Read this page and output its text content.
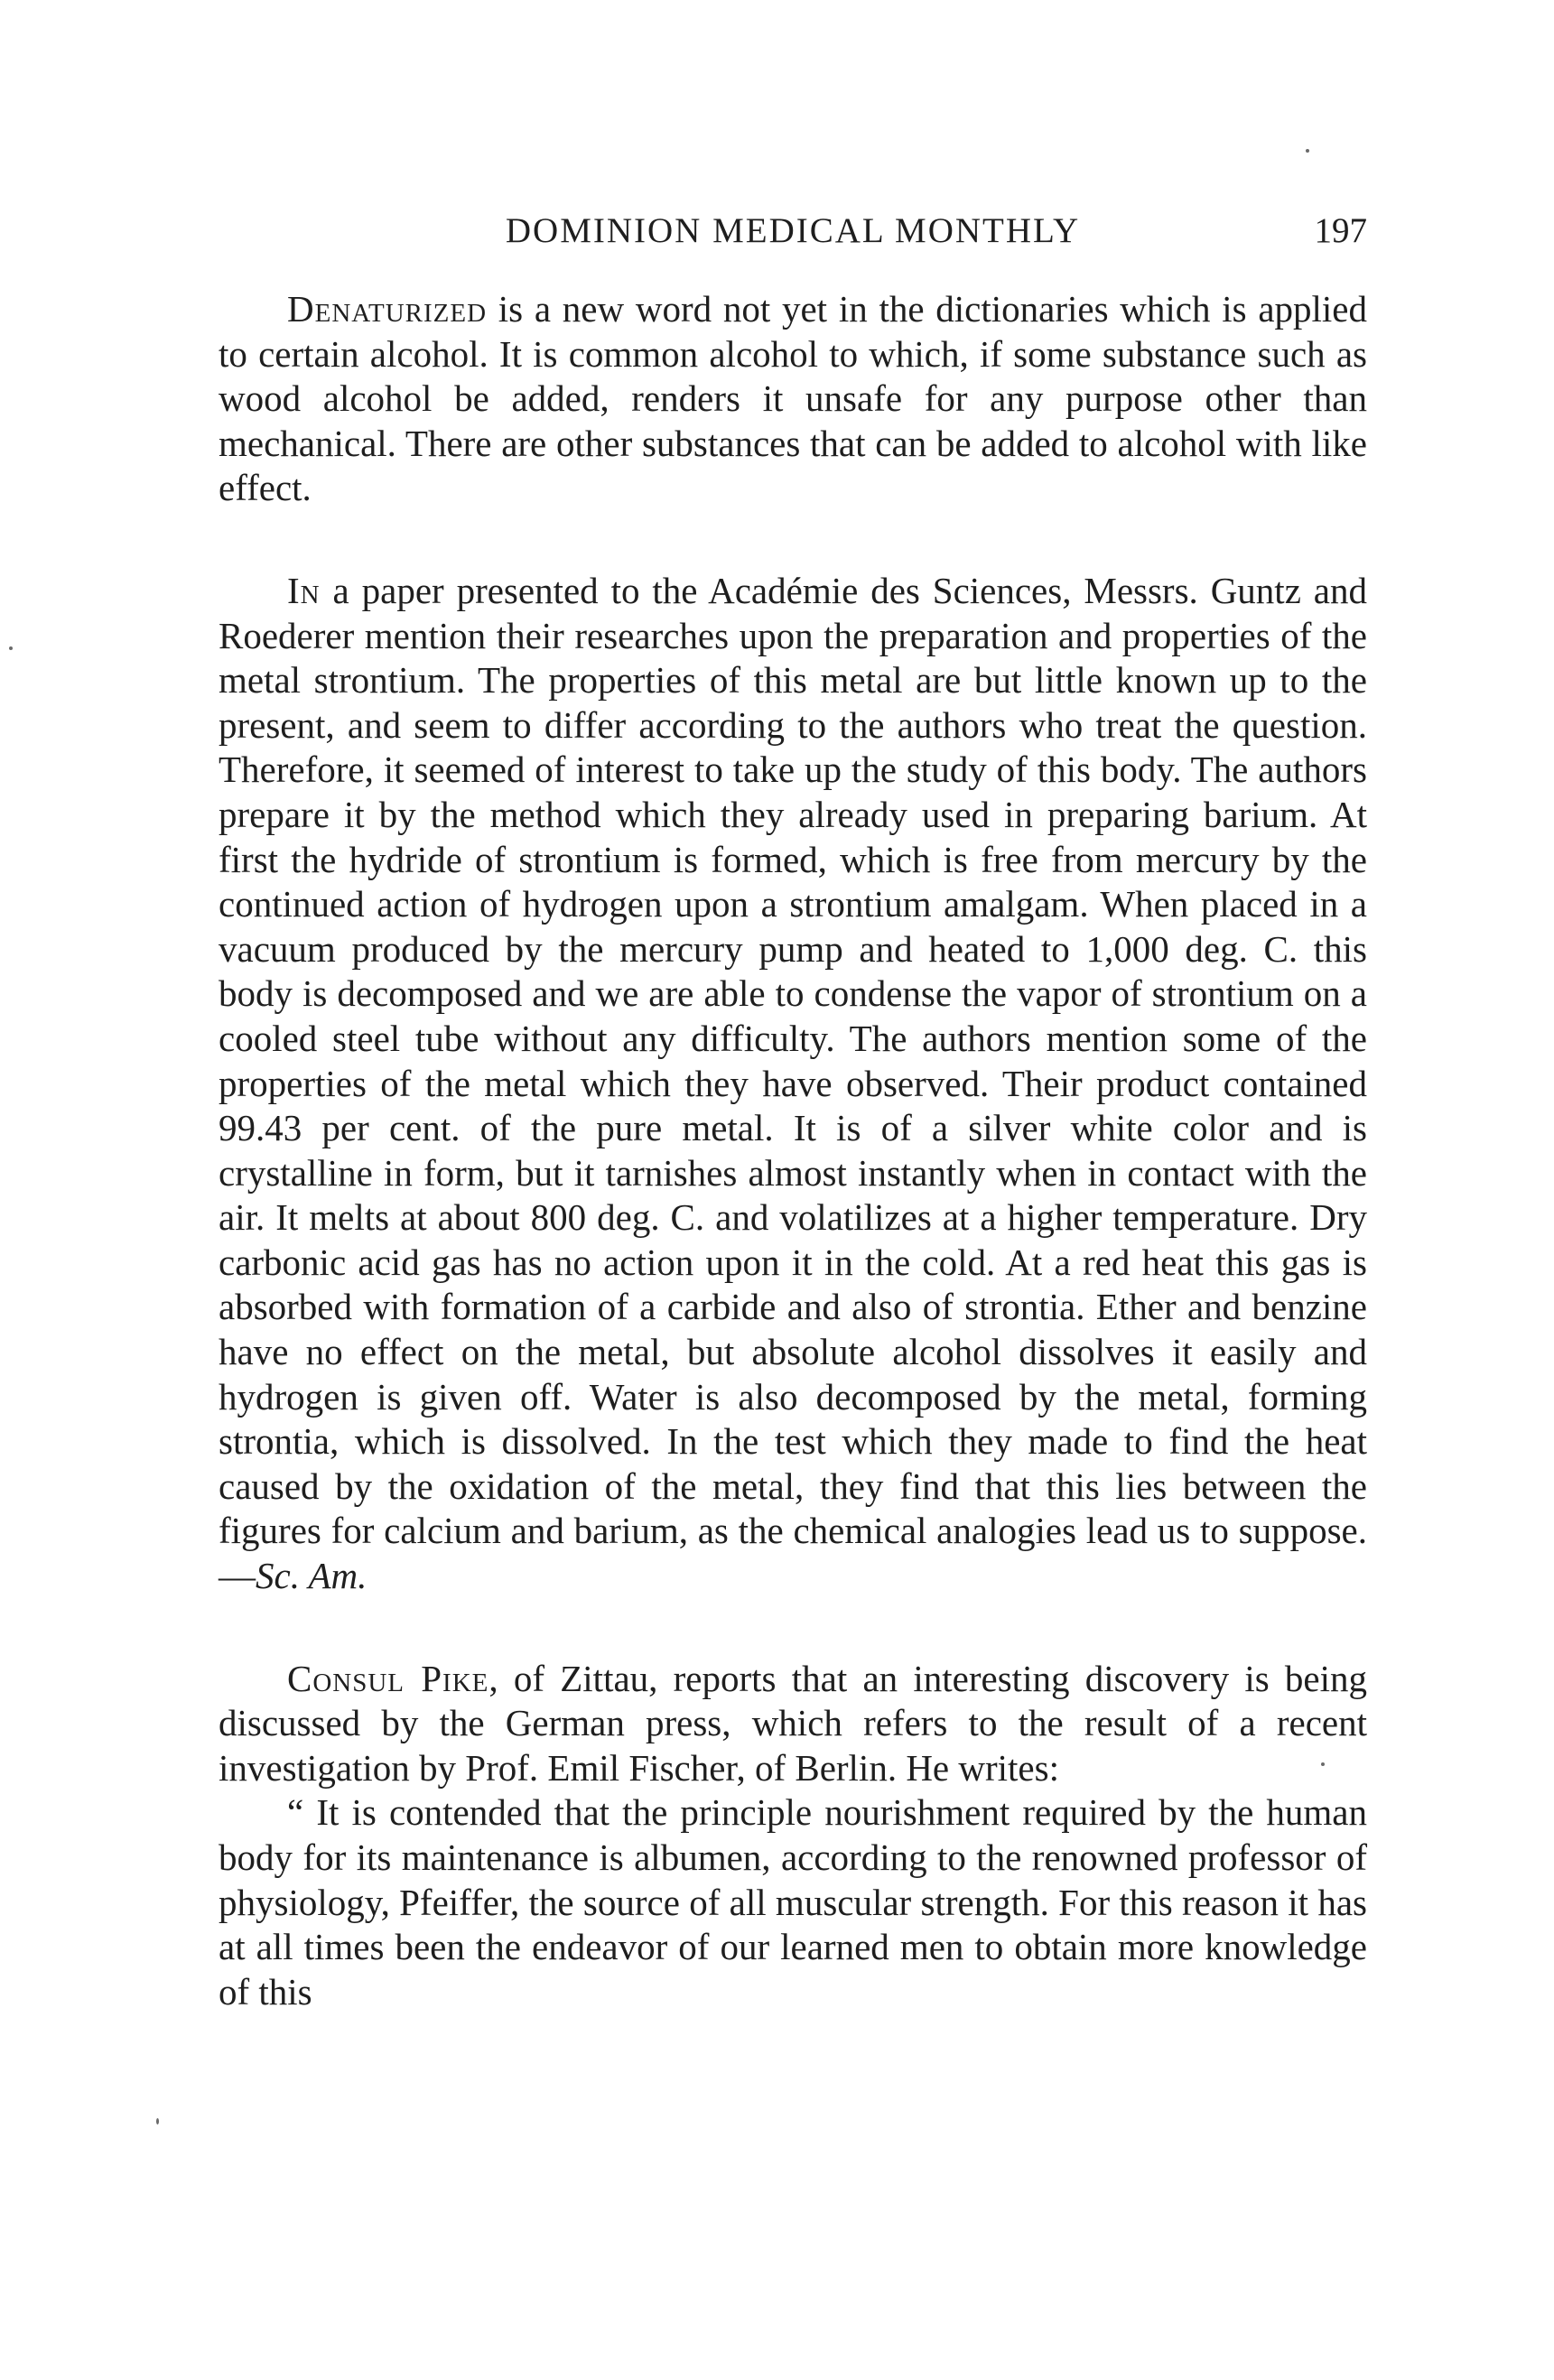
DOMINION MEDICAL MONTHLY	197

Denaturized is a new word not yet in the dictionaries which is applied to certain alcohol. It is common alcohol to which, if some substance such as wood alcohol be added, renders it unsafe for any purpose other than mechanical. There are other substances that can be added to alcohol with like effect.

In a paper presented to the Académie des Sciences, Messrs. Guntz and Roederer mention their researches upon the preparation and properties of the metal strontium. The properties of this metal are but little known up to the present, and seem to differ according to the authors who treat the question. Therefore, it seemed of interest to take up the study of this body. The authors prepare it by the method which they already used in preparing barium. At first the hydride of strontium is formed, which is free from mercury by the continued action of hydrogen upon a strontium amalgam. When placed in a vacuum produced by the mercury pump and heated to 1,000 deg. C. this body is decomposed and we are able to condense the vapor of strontium on a cooled steel tube without any difficulty. The authors mention some of the properties of the metal which they have observed. Their product contained 99.43 per cent. of the pure metal. It is of a silver white color and is crystalline in form, but it tarnishes almost instantly when in contact with the air. It melts at about 800 deg. C. and volatilizes at a higher temperature. Dry carbonic acid gas has no action upon it in the cold. At a red heat this gas is absorbed with formation of a carbide and also of strontia. Ether and benzine have no effect on the metal, but absolute alcohol dissolves it easily and hydrogen is given off. Water is also decomposed by the metal, forming strontia, which is dissolved. In the test which they made to find the heat caused by the oxidation of the metal, they find that this lies between the figures for calcium and barium, as the chemical analogies lead us to suppose.—Sc. Am.

Consul Pike, of Zittau, reports that an interesting discovery is being discussed by the German press, which refers to the result of a recent investigation by Prof. Emil Fischer, of Berlin. He writes:

“ It is contended that the principle nourishment required by the human body for its maintenance is albumen, according to the renowned professor of physiology, Pfeiffer, the source of all muscular strength. For this reason it has at all times been the endeavor of our learned men to obtain more knowledge of this
